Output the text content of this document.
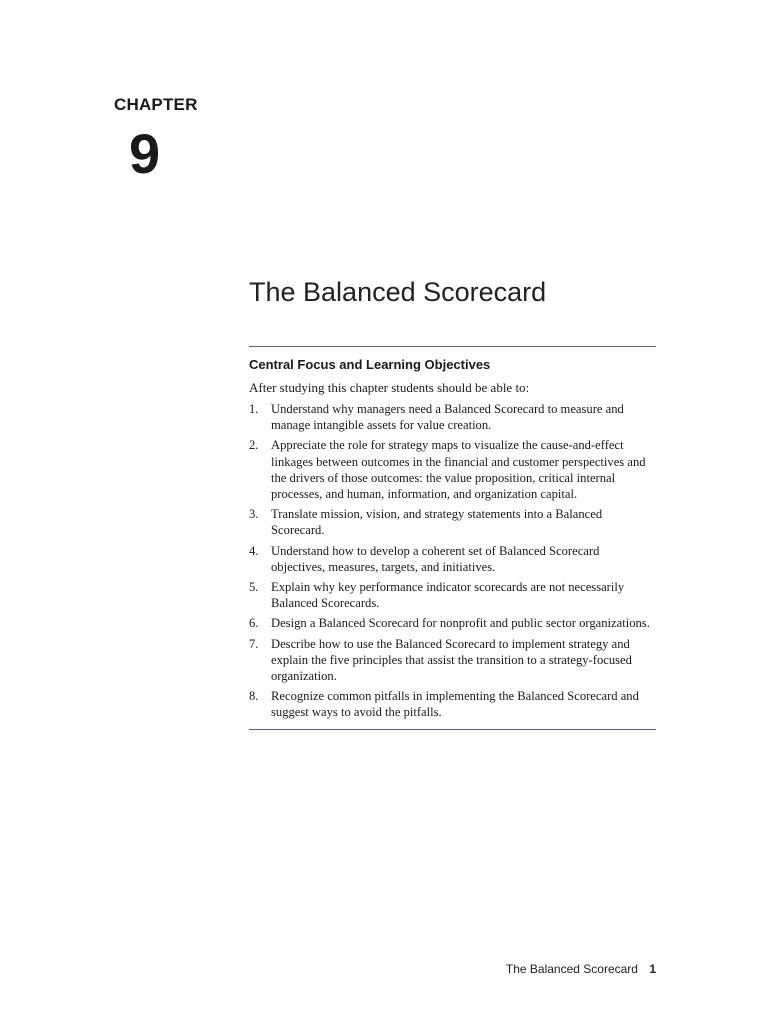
CHAPTER
9
The Balanced Scorecard
Central Focus and Learning Objectives
After studying this chapter students should be able to:
1. Understand why managers need a Balanced Scorecard to measure and manage intangible assets for value creation.
2. Appreciate the role for strategy maps to visualize the cause-and-effect linkages between outcomes in the financial and customer perspectives and the drivers of those outcomes: the value proposition, critical internal processes, and human, information, and organization capital.
3. Translate mission, vision, and strategy statements into a Balanced Scorecard.
4. Understand how to develop a coherent set of Balanced Scorecard objectives, measures, targets, and initiatives.
5. Explain why key performance indicator scorecards are not necessarily Balanced Scorecards.
6. Design a Balanced Scorecard for nonprofit and public sector organizations.
7. Describe how to use the Balanced Scorecard to implement strategy and explain the five principles that assist the transition to a strategy-focused organization.
8. Recognize common pitfalls in implementing the Balanced Scorecard and suggest ways to avoid the pitfalls.
The Balanced Scorecard 1
